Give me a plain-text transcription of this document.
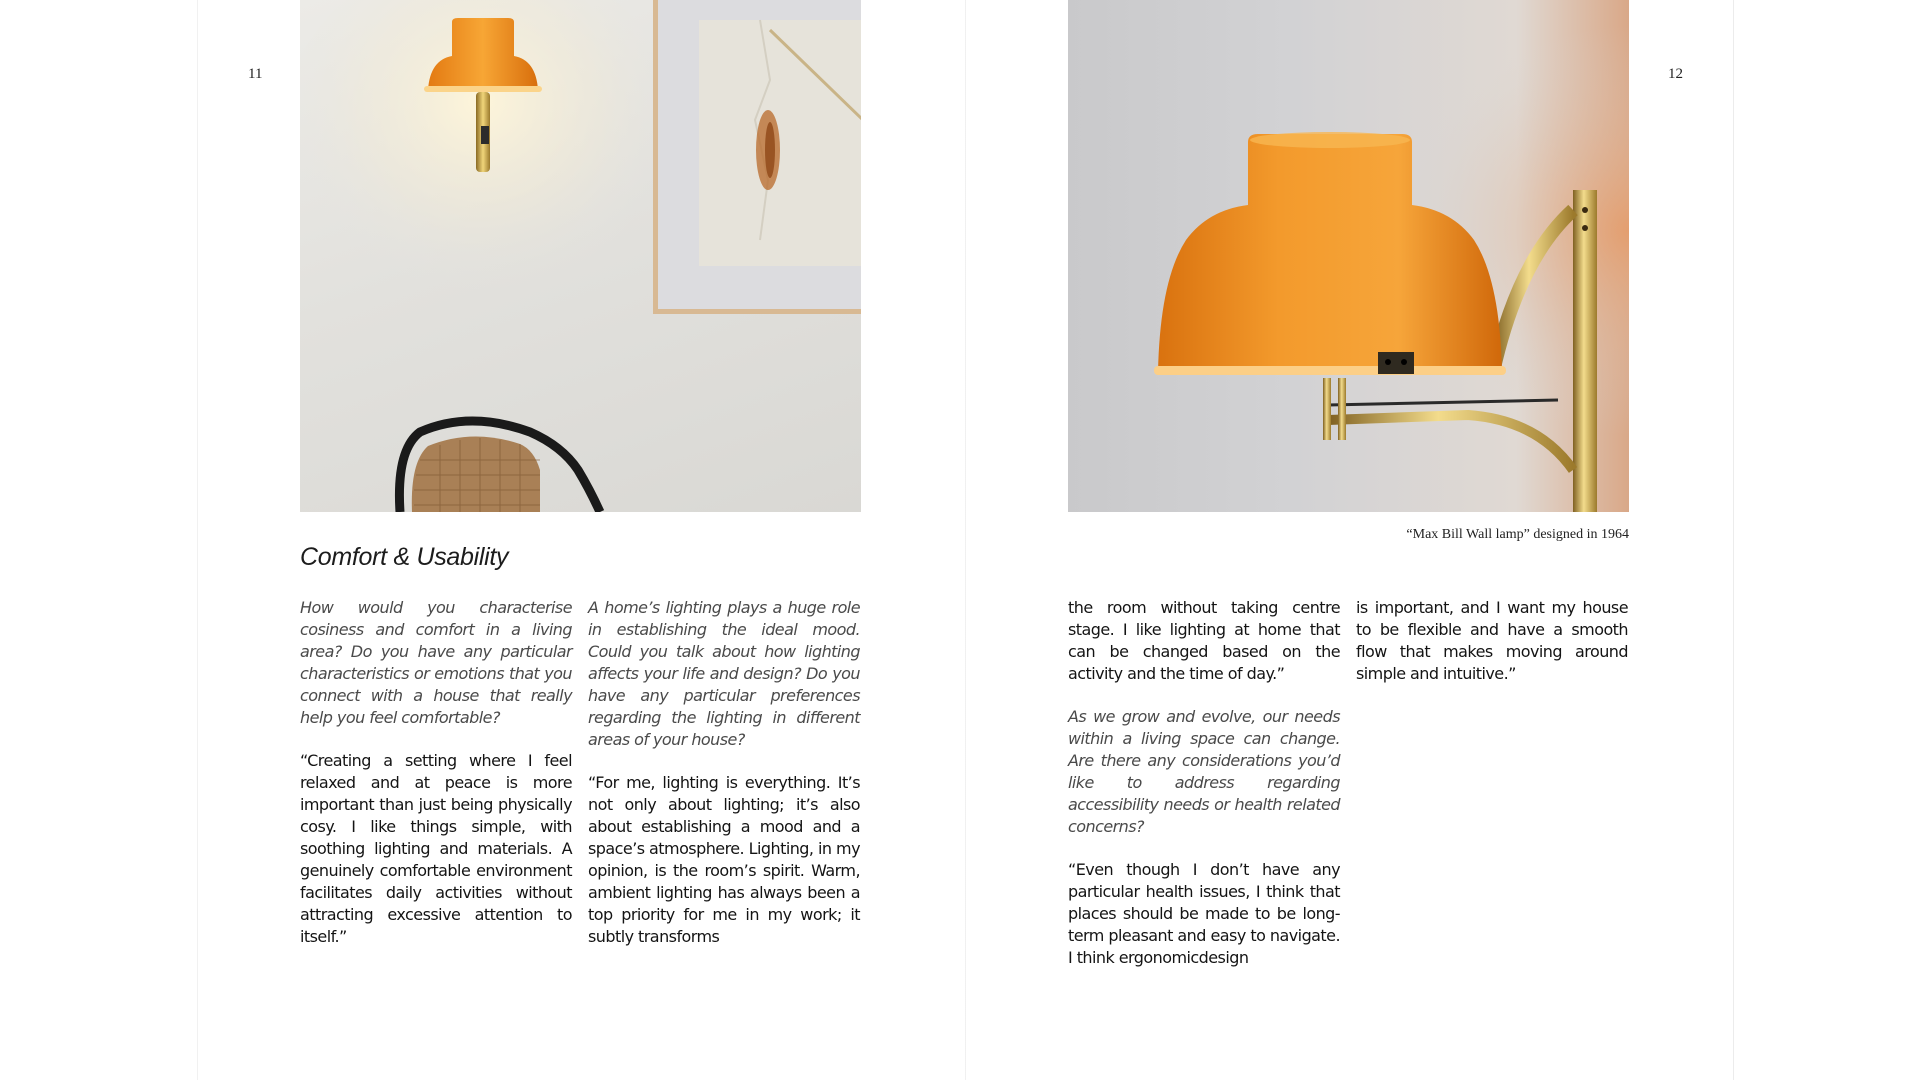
11
Comfort & Usability

How would you characterise cosiness and comfort in a living area? Do you have any particular characteristics or emotions that you connect with a house that really help you feel comfortable?

“Creating a setting where I feel relaxed and at peace is more important than just being physically cosy. I like things simple, with soothing lighting and materials. A genuinely comfortable environment facilitates daily activities without attracting excessive attention to itself.”

A home’s lighting plays a huge role in establishing the ideal mood. Could you talk about how lighting affects your life and design? Do you have any particular preferences regarding the lighting in different areas of your house?

“For me, lighting is everything. It’s not only about lighting; it’s also about establishing a mood and a space’s atmosphere. Lighting, in my opinion, is the room’s spirit. Warm, ambient lighting has always been a top priority for me in my work; it subtly transforms

12
“Max Bill Wall lamp” designed in 1964

the room without taking centre stage. I like lighting at home that can be changed based on the activity and the time of day.”

As we grow and evolve, our needs within a living space can change. Are there any considerations you’d like to address regarding accessibility needs or health related concerns?

“Even though I don’t have any particular health issues, I think that places should be made to be long-term pleasant and easy to navigate. I think ergonomicdesign

is important, and I want my house to be flexible and have a smooth flow that makes moving around simple and intuitive.”
